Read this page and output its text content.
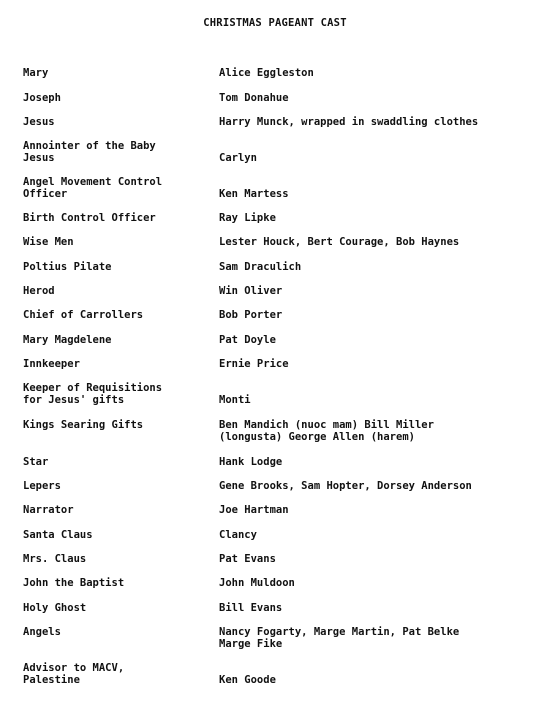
CHRISTMAS PAGEANT CAST
Mary	Alice Eggleston
Joseph	Tom Donahue
Jesus	Harry Munck, wrapped in swaddling clothes
Annointer of the Baby
Jesus	Carlyn
Angel Movement Control
Officer	Ken Martess
Birth Control Officer	Ray Lipke
Wise Men	Lester Houck, Bert Courage, Bob Haynes
Poltius Pilate	Sam Draculich
Herod	Win Oliver
Chief of Carrollers	Bob Porter
Mary Magdelene	Pat Doyle
Innkeeper	Ernie Price
Keeper of Requisitions
for Jesus' gifts	Monti
Kings Searing Gifts	Ben Mandich (nuoc mam) Bill Miller
(longusta) George Allen (harem)
Star	Hank Lodge
Lepers	Gene Brooks, Sam Hopter, Dorsey Anderson
Narrator	Joe Hartman
Santa Claus	Clancy
Mrs. Claus	Pat Evans
John the Baptist	John Muldoon
Holy Ghost	Bill Evans
Angels	Nancy Fogarty, Marge Martin, Pat Belke
Marge Fike
Advisor to MACV,
Palestine	Ken Goode
